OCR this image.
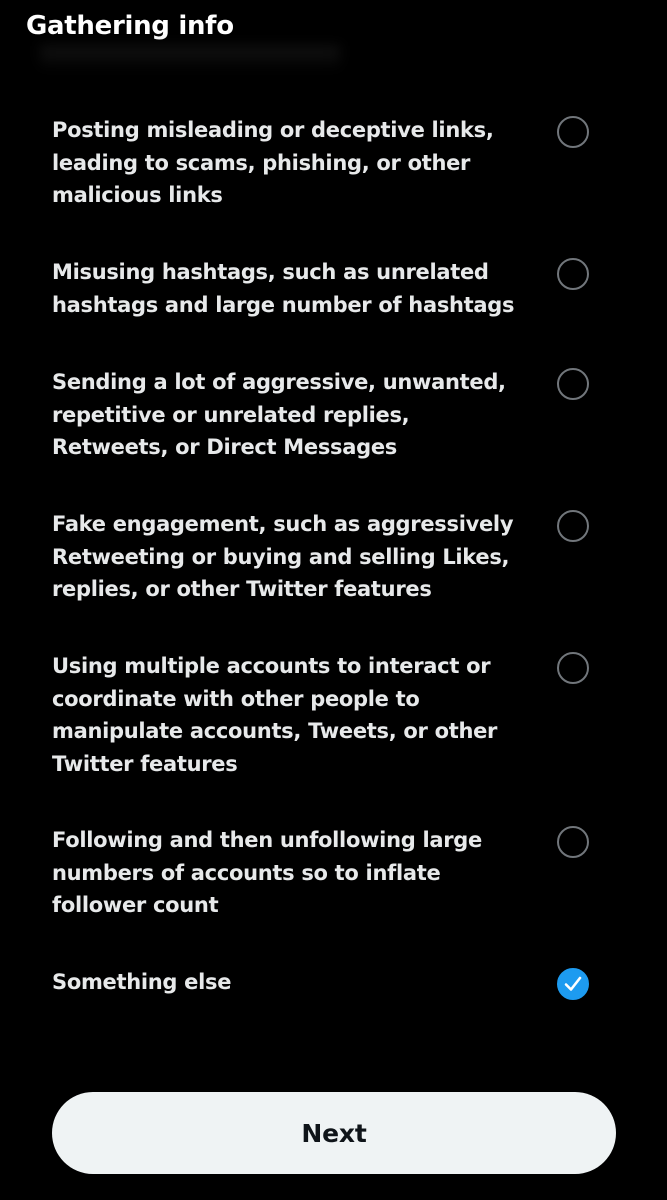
Gathering info
Posting misleading or deceptive links, leading to scams, phishing, or other malicious links
Misusing hashtags, such as unrelated hashtags and large number of hashtags
Sending a lot of aggressive, unwanted, repetitive or unrelated replies, Retweets, or Direct Messages
Fake engagement, such as aggressively Retweeting or buying and selling Likes, replies, or other Twitter features
Using multiple accounts to interact or coordinate with other people to manipulate accounts, Tweets, or other Twitter features
Following and then unfollowing large numbers of accounts so to inflate follower count
Something else
Next
